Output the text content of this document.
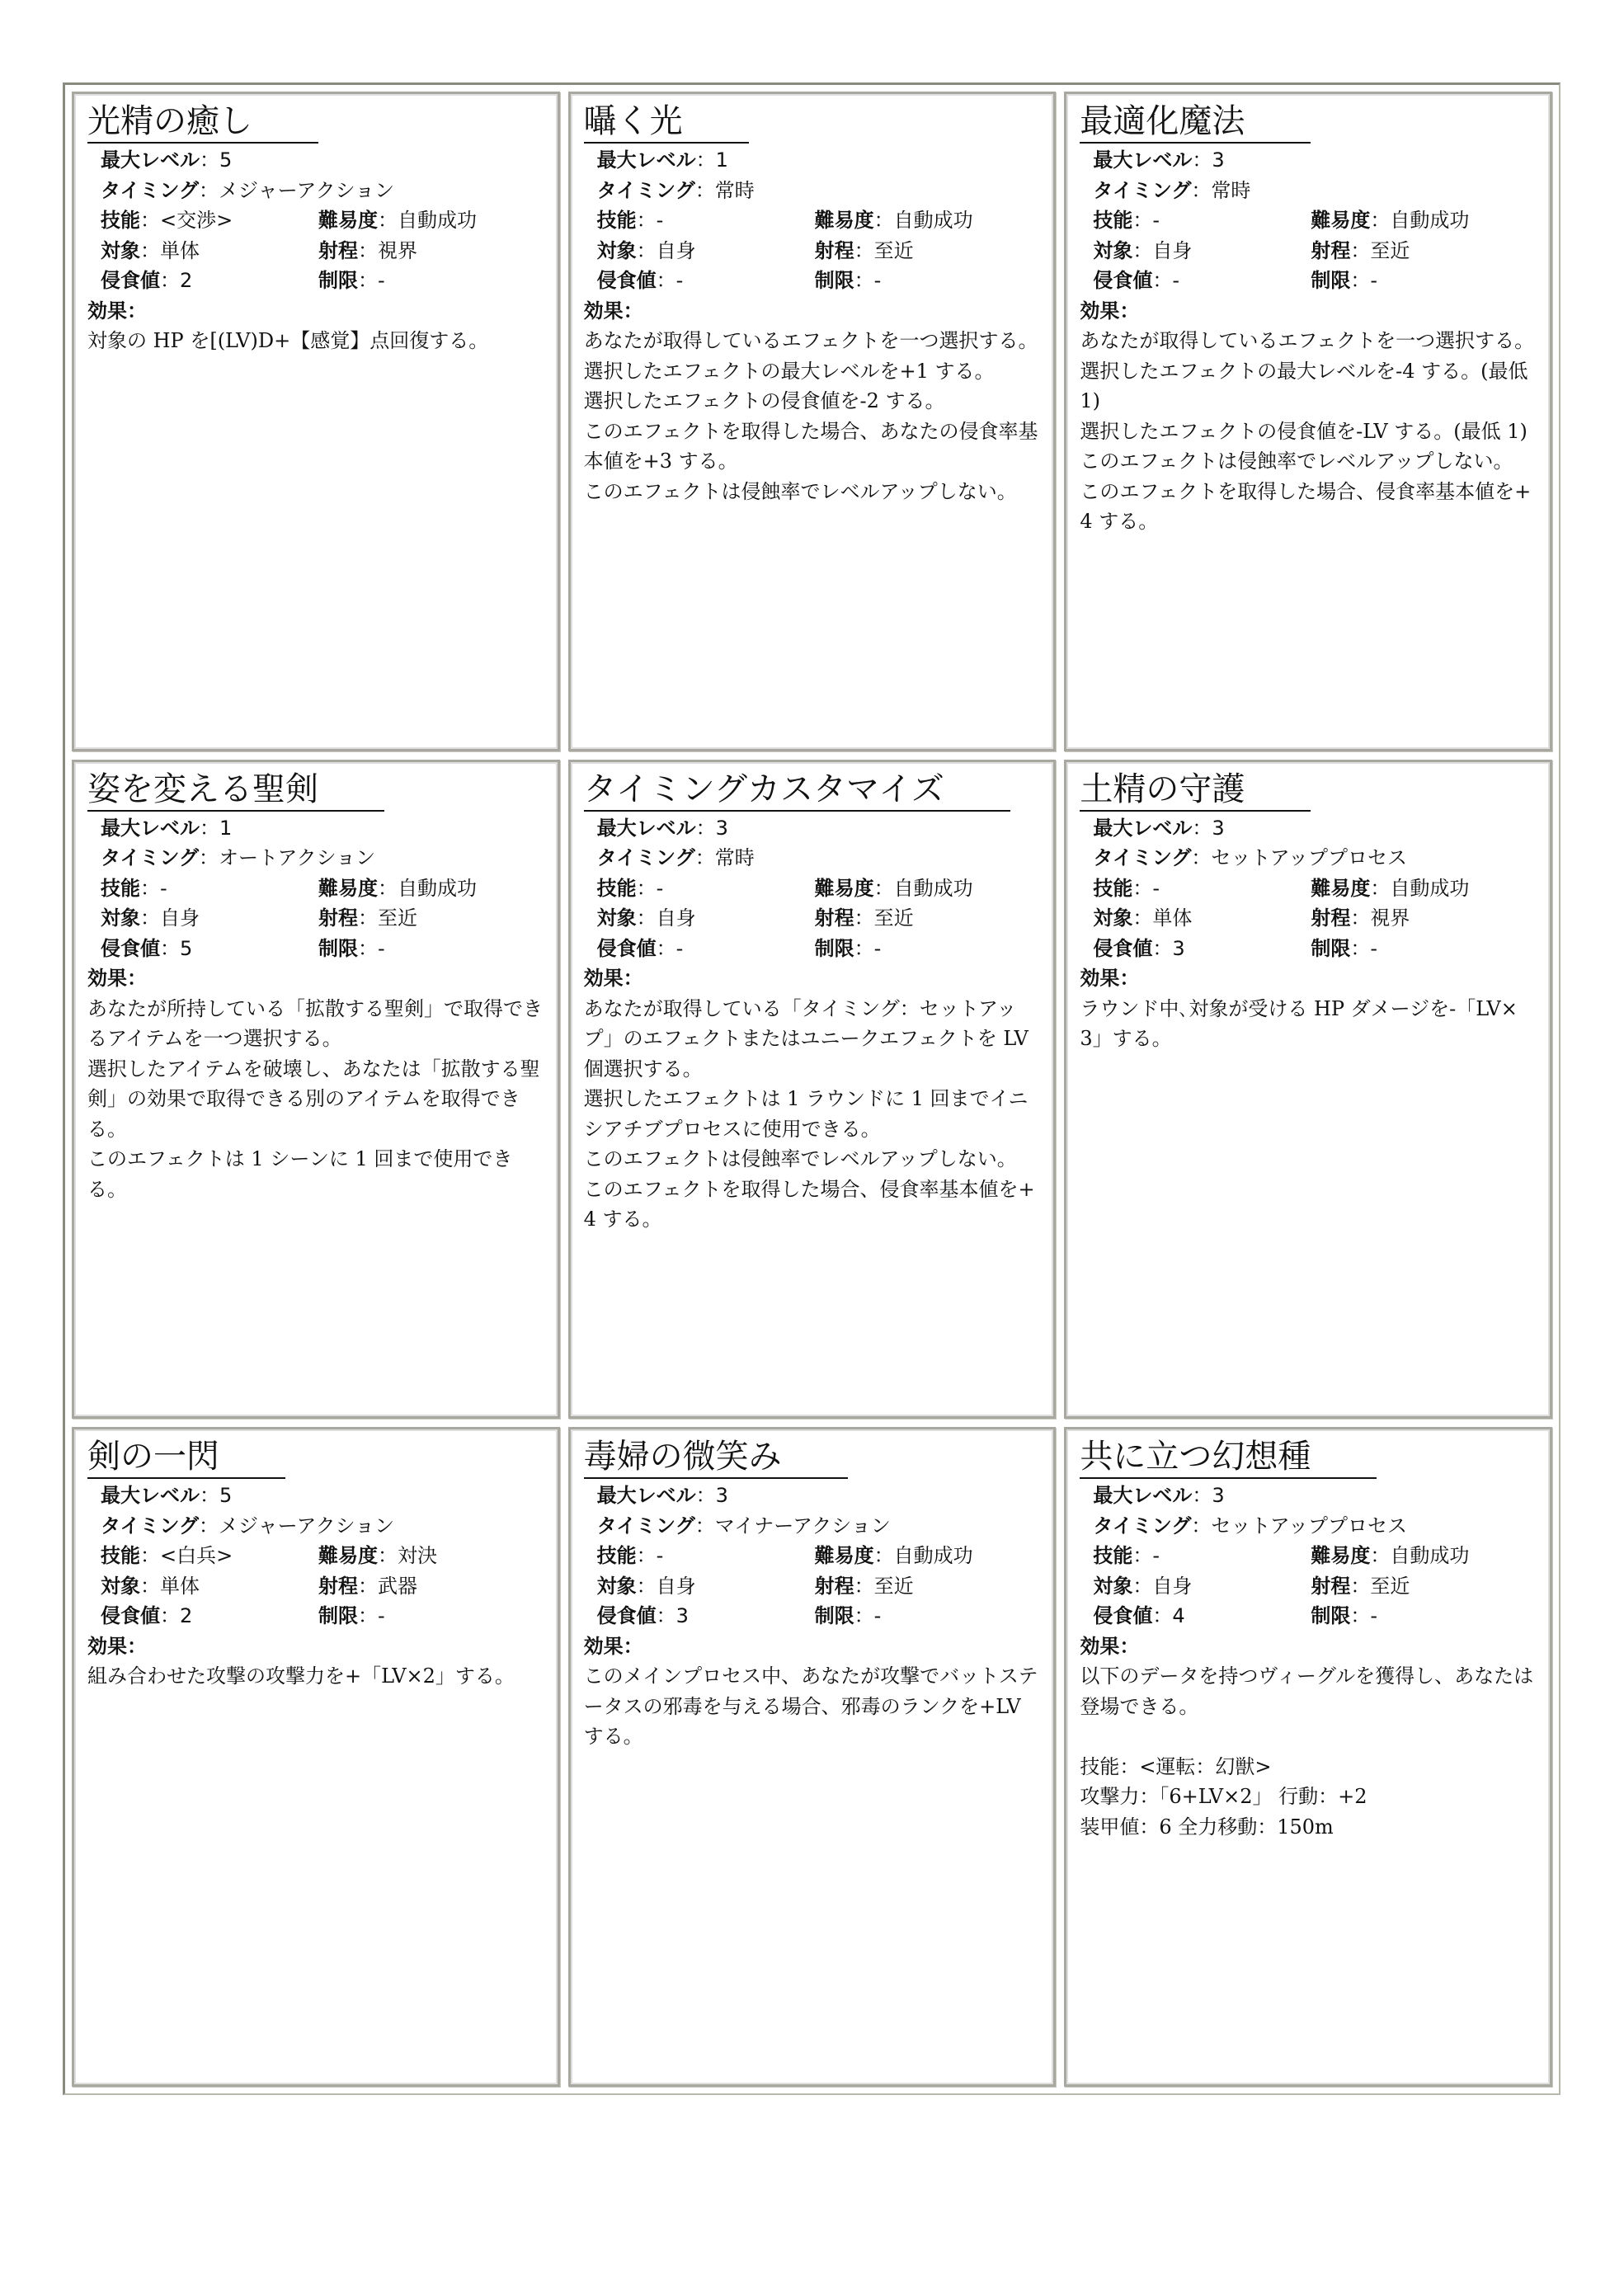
光精の癒し
最大レベル：5
タイミング：メジャーアクション
技能：<交渉>	難易度：自動成功
対象：単体	射程：視界
侵食値：2	制限：-
効果：
対象の HP を[(LV)D+【感覚】点回復する。
囁く光
最大レベル：1
タイミング：常時
技能：-	難易度：自動成功
対象：自身	射程：至近
侵食値：-	制限：-
効果：
あなたが取得しているエフェクトを一つ選択する。 選択したエフェクトの最大レベルを+1 する。
選択したエフェクトの侵食値を-2 する。
このエフェクトを取得した場合、あなたの侵食率基本値を+3 する。
このエフェクトは侵蝕率でレベルアップしない。
最適化魔法
最大レベル：3
タイミング：常時
技能：-	難易度：自動成功
対象：自身	射程：至近
侵食値：-	制限：-
効果：
あなたが取得しているエフェクトを一つ選択する。選択したエフェクトの最大レベルを-4 する。(最低 1)
選択したエフェクトの侵食値を-LV する。(最低 1)
このエフェクトは侵蝕率でレベルアップしない。
このエフェクトを取得した場合、侵食率基本値を+4 する。
姿を変える聖剣
最大レベル：1
タイミング：オートアクション
技能：-	難易度：自動成功
対象：自身	射程：至近
侵食値：5	制限：-
効果：
あなたが所持している「拡散する聖剣」で取得できるアイテムを一つ選択する。
選択したアイテムを破壊し、あなたは「拡散する聖剣」の効果で取得できる別のアイテムを取得できる。
このエフェクトは 1 シーンに 1 回まで使用できる。
タイミングカスタマイズ
最大レベル：3
タイミング：常時
技能：-	難易度：自動成功
対象：自身	射程：至近
侵食値：-	制限：-
効果：
あなたが取得している「タイミング：セットアップ」のエフェクトまたはユニークエフェクトを LV 個選択する。
選択したエフェクトは 1 ラウンドに 1 回までイニシアチブプロセスに使用できる。
このエフェクトは侵蝕率でレベルアップしない。
このエフェクトを取得した場合、侵食率基本値を+4 する。
土精の守護
最大レベル：3
タイミング：セットアッププロセス
技能：-	難易度：自動成功
対象：単体	射程：視界
侵食値：3	制限：-
効果：
ラウンド中､対象が受ける HP ダメージを-「LV×3」する。
剣の一閃
最大レベル：5
タイミング：メジャーアクション
技能：<白兵>	難易度：対決
対象：単体	射程：武器
侵食値：2	制限：-
効果：
組み合わせた攻撃の攻撃力を+「LV×2」する。
毒婦の微笑み
最大レベル：3
タイミング：マイナーアクション
技能：-	難易度：自動成功
対象：自身	射程：至近
侵食値：3	制限：-
効果：
このメインプロセス中、あなたが攻撃でバットステータスの邪毒を与える場合、邪毒のランクを+LV する。
共に立つ幻想種
最大レベル：3
タイミング：セットアッププロセス
技能：-	難易度：自動成功
対象：自身	射程：至近
侵食値：4	制限：-
効果：
以下のデータを持つヴィーグルを獲得し、あなたは登場できる。

技能：<運転：幻獣>
攻撃力：「6+LV×2」 行動：+2
装甲値：6 全力移動：150m
